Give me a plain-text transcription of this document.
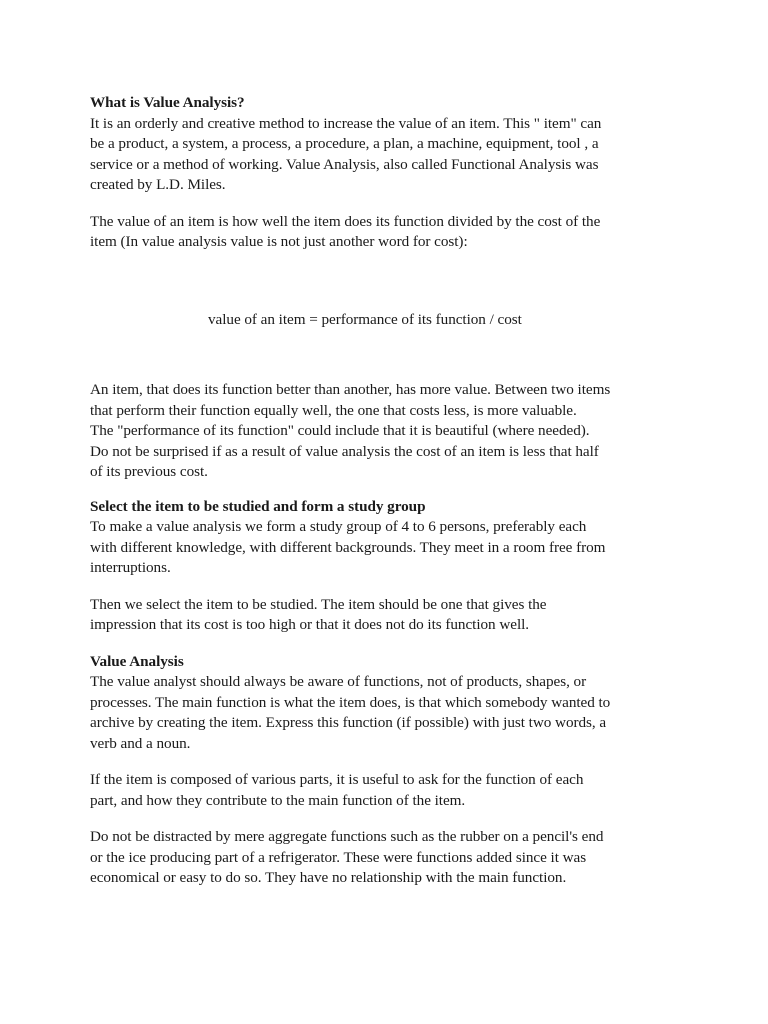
What is Value Analysis?

It is an orderly and creative method to increase the value of an item. This " item" can
be a product, a system, a process, a procedure, a plan, a machine, equipment, tool , a
service or a method of working. Value Analysis, also called Functional Analysis was
created by L.D. Miles.

The value of an item is how well the item does its function divided by the cost of the
item (In value analysis value is not just another word for cost):

value of an item = performance of its function / cost

An item, that does its function better than another, has more value. Between two items
that perform their function equally well, the one that costs less, is more valuable.
The "performance of its function" could include that it is beautiful (where needed).
Do not be surprised if as a result of value analysis the cost of an item is less that half
of its previous cost.

Select the item to be studied and form a study group

To make a value analysis we form a study group of 4 to 6 persons, preferably each
with different knowledge, with different backgrounds. They meet in a room free from
interruptions.

Then we select the item to be studied. The item should be one that gives the
impression that its cost is too high or that it does not do its function well.

Value Analysis

The value analyst should always be aware of functions, not of products, shapes, or
processes. The main function is what the item does, is that which somebody wanted to
archive by creating the item. Express this function (if possible) with just two words, a
verb and a noun.

If the item is composed of various parts, it is useful to ask for the function of each
part, and how they contribute to the main function of the item.

Do not be distracted by mere aggregate functions such as the rubber on a pencil's end
or the ice producing part of a refrigerator. These were functions added since it was
economical or easy to do so. They have no relationship with the main function.
